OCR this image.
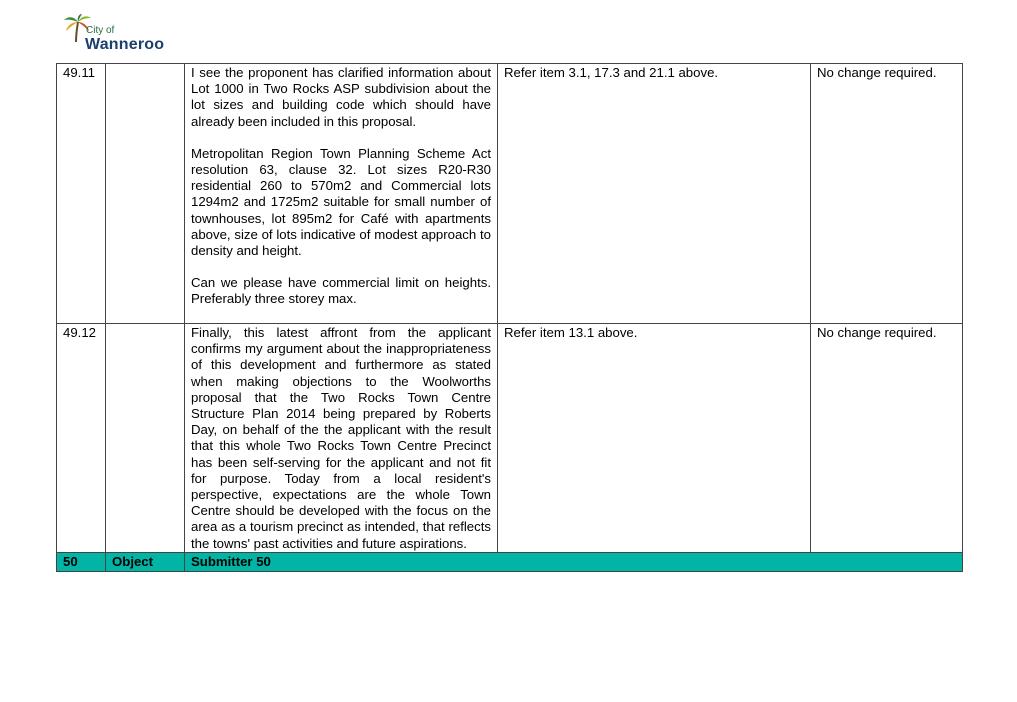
City of
Wanneroo
49.11		I see the proponent has clarified information about Lot 1000 in Two Rocks ASP subdivision about the lot sizes and building code which should have already been included in this proposal.

Metropolitan Region Town Planning Scheme Act resolution 63, clause 32. Lot sizes R20-R30 residential 260 to 570m2 and Commercial lots 1294m2 and 1725m2 suitable for small number of townhouses, lot 895m2 for Café with apartments above, size of lots indicative of modest approach to density and height.

Can we please have commercial limit on heights. Preferably three storey max.	Refer item 3.1, 17.3 and 21.1 above.	No change required.
49.12		Finally, this latest affront from the applicant confirms my argument about the inappropriateness of this development and furthermore as stated when making objections to the Woolworths proposal that the Two Rocks Town Centre Structure Plan 2014 being prepared by Roberts Day, on behalf of the the applicant with the result that this whole Two Rocks Town Centre Precinct has been self-serving for the applicant and not fit for purpose. Today from a local resident's perspective, expectations are the whole Town Centre should be developed with the focus on the area as a tourism precinct as intended, that reflects the towns' past activities and future aspirations.	Refer item 13.1 above.	No change required.
50	Object	Submitter 50		
